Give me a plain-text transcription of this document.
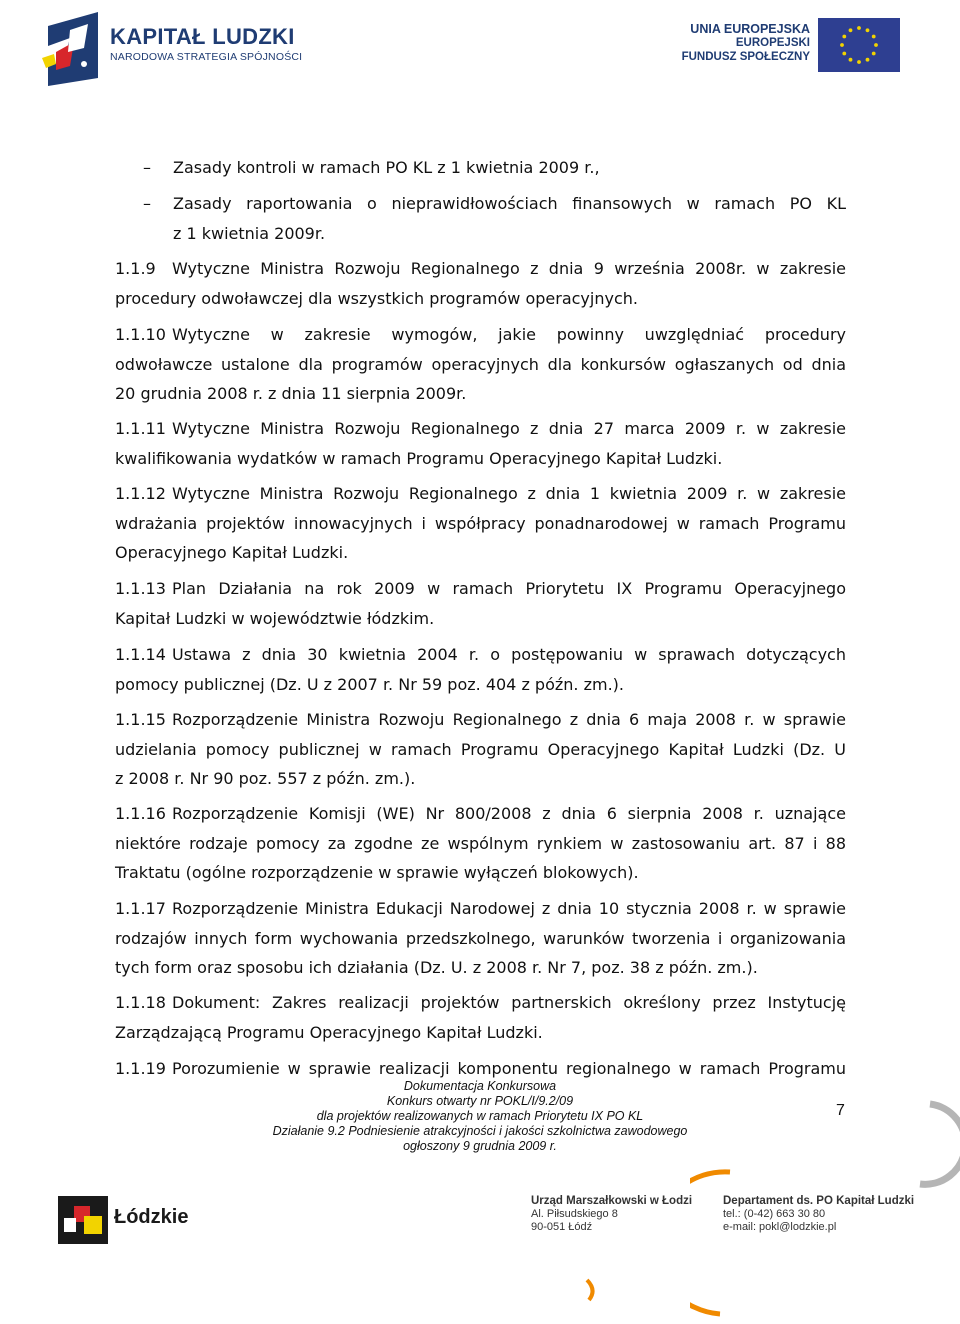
KAPITAŁ LUDZKI
NARODOWA STRATEGIA SPÓJNOŚCI
UNIA EUROPEJSKA
EUROPEJSKI
FUNDUSZ SPOŁECZNY
–	Zasady kontroli w ramach PO KL z 1 kwietnia 2009 r.,
–	Zasady raportowania o nieprawidłowościach finansowych w ramach PO KL
z 1 kwietnia 2009r.
1.1.9 Wytyczne Ministra Rozwoju Regionalnego z dnia 9 września 2008r. w zakresie
procedury odwoławczej dla wszystkich programów operacyjnych.
1.1.10 Wytyczne w zakresie wymogów, jakie powinny uwzględniać procedury
odwoławcze ustalone dla programów operacyjnych dla konkursów ogłaszanych od dnia
20 grudnia 2008 r. z dnia 11 sierpnia 2009r.
1.1.11 Wytyczne Ministra Rozwoju Regionalnego z dnia 27 marca 2009 r. w zakresie
kwalifikowania wydatków w ramach Programu Operacyjnego Kapitał Ludzki.
1.1.12 Wytyczne Ministra Rozwoju Regionalnego z dnia 1 kwietnia 2009 r. w zakresie
wdrażania projektów innowacyjnych i współpracy ponadnarodowej w ramach Programu
Operacyjnego Kapitał Ludzki.
1.1.13 Plan Działania na rok 2009 w ramach Priorytetu IX Programu Operacyjnego
Kapitał Ludzki w województwie łódzkim.
1.1.14 Ustawa z dnia 30 kwietnia 2004 r. o postępowaniu w sprawach dotyczących
pomocy publicznej (Dz. U z 2007 r. Nr 59 poz. 404 z późn. zm.).
1.1.15 Rozporządzenie Ministra Rozwoju Regionalnego z dnia 6 maja 2008 r. w sprawie
udzielania pomocy publicznej w ramach Programu Operacyjnego Kapitał Ludzki (Dz. U
z 2008 r. Nr 90 poz. 557 z późn. zm.).
1.1.16 Rozporządzenie Komisji (WE) Nr 800/2008 z dnia 6 sierpnia 2008 r. uznające
niektóre rodzaje pomocy za zgodne ze wspólnym rynkiem w zastosowaniu art. 87 i 88
Traktatu (ogólne rozporządzenie w sprawie wyłączeń blokowych).
1.1.17 Rozporządzenie Ministra Edukacji Narodowej z dnia 10 stycznia 2008 r. w sprawie
rodzajów innych form wychowania przedszkolnego, warunków tworzenia i organizowania
tych form oraz sposobu ich działania (Dz. U. z 2008 r. Nr 7, poz. 38 z późn. zm.).
1.1.18 Dokument: Zakres realizacji projektów partnerskich określony przez Instytucję
Zarządzającą Programu Operacyjnego Kapitał Ludzki.
1.1.19 Porozumienie w sprawie realizacji komponentu regionalnego w ramach Programu
Dokumentacja Konkursowa
Konkurs otwarty nr POKL/I/9.2/09
dla projektów realizowanych w ramach Priorytetu IX PO KL
Działanie 9.2 Podniesienie atrakcyjności i jakości szkolnictwa zawodowego
ogłoszony 9 grudnia 2009 r.
7
Łódzkie
Urząd Marszałkowski w Łodzi
Al. Piłsudskiego 8
90-051 Łódź
Departament ds. PO Kapitał Ludzki
tel.: (0-42) 663 30 80
e-mail: pokl@lodzkie.pl
